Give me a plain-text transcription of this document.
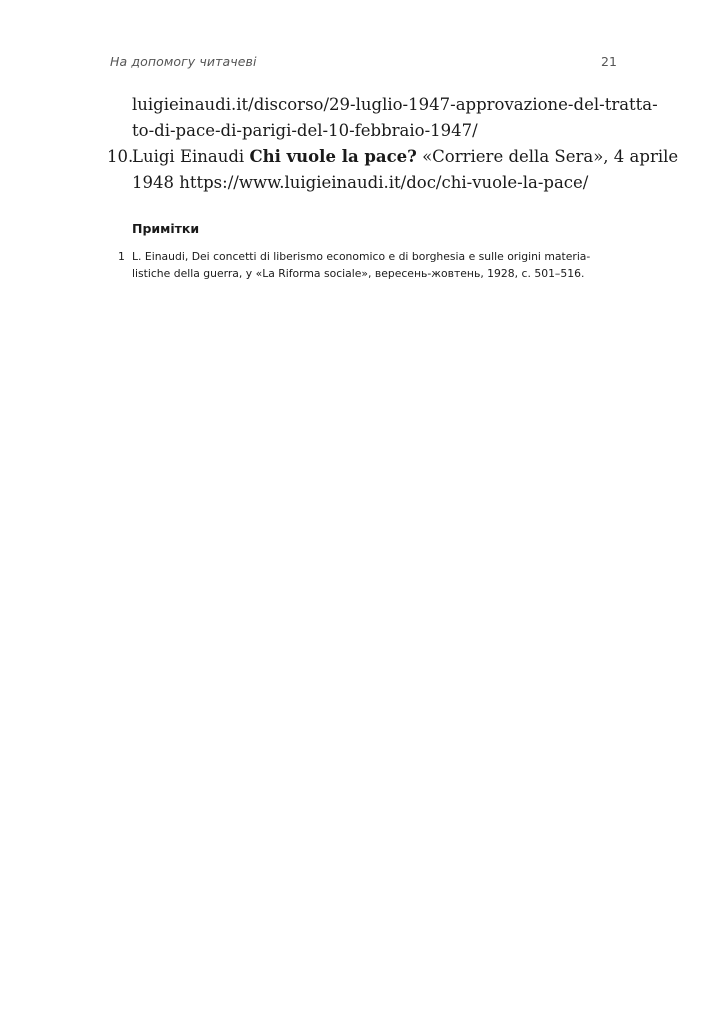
На допомогу читачеві	21
luigieinaudi.it/discorso/29-luglio-1947-approvazione-del-tratta-
to-di-pace-di-parigi-del-10-febbraio-1947/
10.Luigi Einaudi Chi vuole la pace? «Corriere della Sera», 4 aprile
1948 https://www.luigieinaudi.it/doc/chi-vuole-la-pace/
Примітки
1 L. Einaudi, Dei concetti di liberismo economico e di borghesia e sulle origini materia-
listiche della guerra, у «La Riforma sociale», вересень-жовтень, 1928, с. 501–516.
